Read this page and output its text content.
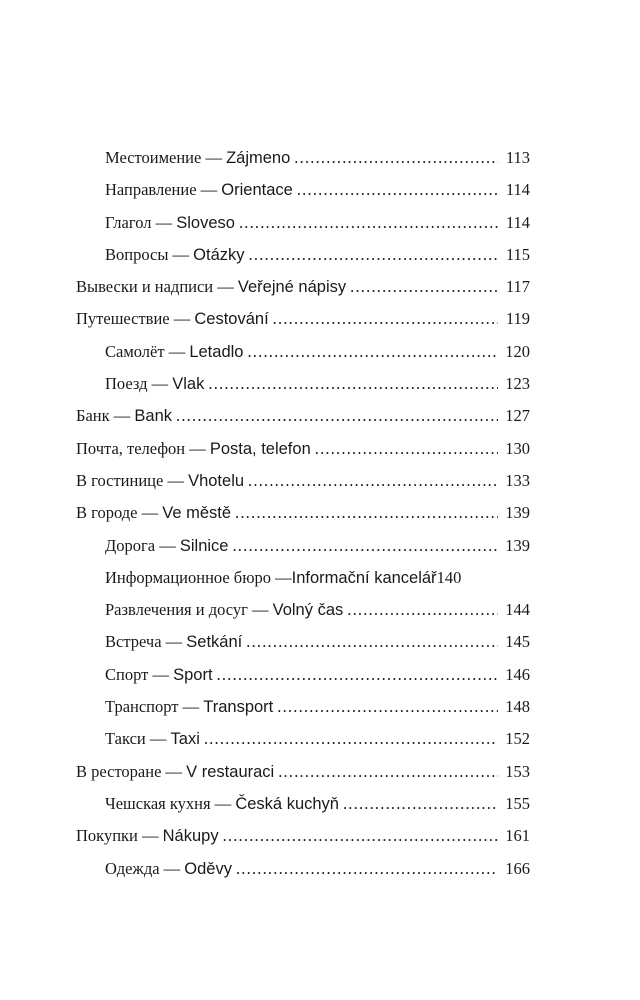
Местоимение — Zájmeno .....	113
Направление — Orientace .....	114
Глагол — Sloveso .....	114
Вопросы — Otázky .....	115
Вывески и надписи — Veřejné nápisy .....	117
Путешествие — Cestování .....	119
Самолёт — Letadlo .....	120
Поезд — Vlak .....	123
Банк — Bank .....	127
Почта, телефон — Posta, telefon .....	130
В гостинице — Vhotelu .....	133
В городе — Ve městě .....	139
Дорога — Silnice .....	139
Информационное бюро —Informační kancelář 140
Развлечения и досуг — Volný čas .....	144
Встреча — Setkání .....	145
Спорт — Sport .....	146
Транспорт — Transport .....	148
Такси — Taxi .....	152
В ресторане — V restauraci .....	153
Чешская кухня — Česká kuchyň .....	155
Покупки — Nákupy .....	161
Одежда — Oděvy .....	166
